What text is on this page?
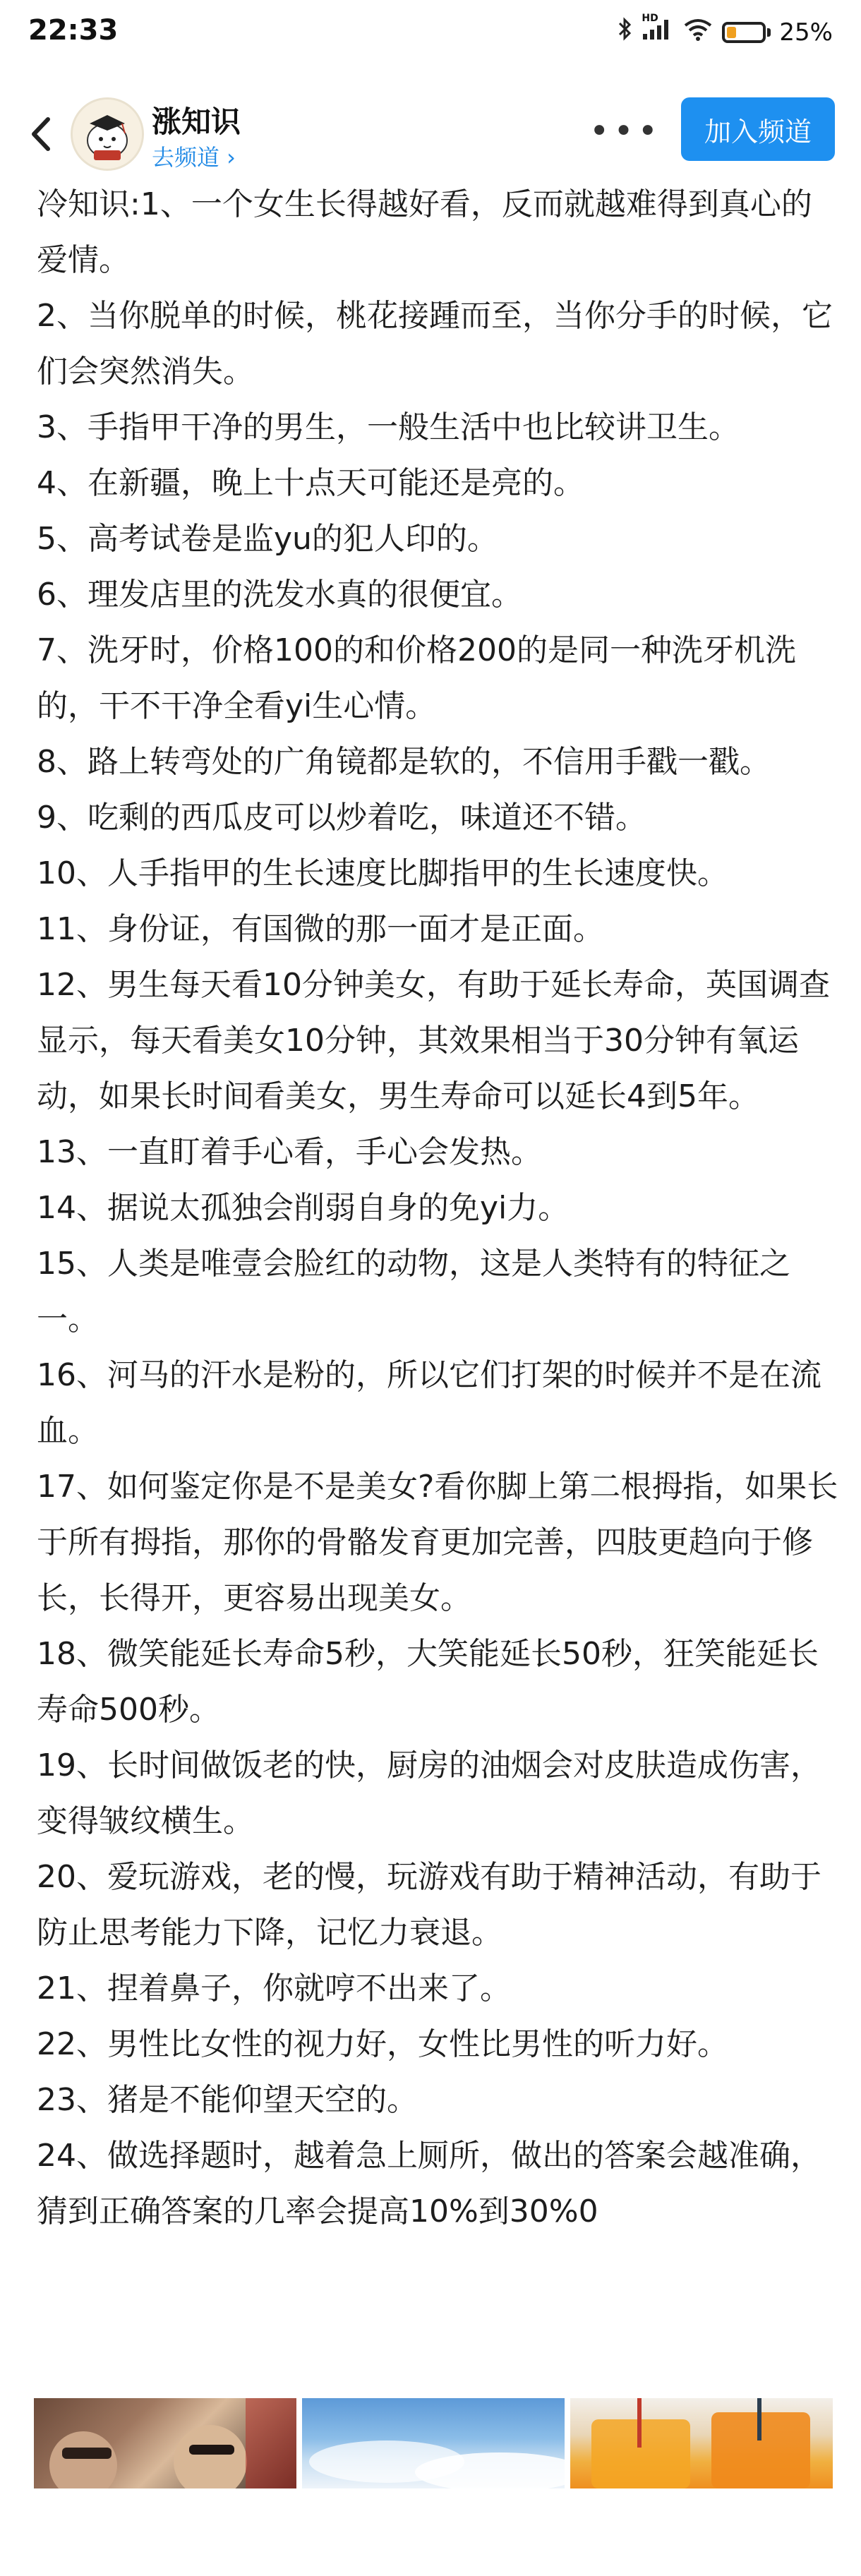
22:33	HD	25%
涨知识
去频道 ›
•••	加入频道

冷知识:1、一个女生长得越好看，反而就越难得到真心的爱情。

2、当你脱单的时候，桃花接踵而至，当你分手的时候，它们会突然消失。

3、手指甲干净的男生，一般生活中也比较讲卫生。

4、在新疆，晚上十点天可能还是亮的。

5、高考试卷是监yu的犯人印的。

6、理发店里的洗发水真的很便宜。

7、洗牙时，价格100的和价格200的是同一种洗牙机洗的，干不干净全看yi生心情。

8、路上转弯处的广角镜都是软的，不信用手戳一戳。

9、吃剩的西瓜皮可以炒着吃，味道还不错。

10、人手指甲的生长速度比脚指甲的生长速度快。

11、身份证，有国微的那一面才是正面。

12、男生每天看10分钟美女，有助于延长寿命，英国调查显示，每天看美女10分钟，其效果相当于30分钟有氧运动，如果长时间看美女，男生寿命可以延长4到5年。

13、一直盯着手心看，手心会发热。

14、据说太孤独会削弱自身的免yi力。

15、人类是唯壹会脸红的动物，这是人类特有的特征之一。

16、河马的汗水是粉的，所以它们打架的时候并不是在流血。

17、如何鉴定你是不是美女?看你脚上第二根拇指，如果长于所有拇指，那你的骨骼发育更加完善，四肢更趋向于修长，长得开，更容易出现美女。

18、微笑能延长寿命5秒，大笑能延长50秒，狂笑能延长寿命500秒。

19、长时间做饭老的快，厨房的油烟会对皮肤造成伤害，变得皱纹横生。

20、爱玩游戏，老的慢，玩游戏有助于精神活动，有助于防止思考能力下降，记忆力衰退。

21、捏着鼻子，你就哼不出来了。

22、男性比女性的视力好，女性比男性的听力好。

23、猪是不能仰望天空的。

24、做选择题时，越着急上厕所，做出的答案会越准确，猜到正确答案的几率会提高10%到30%0
